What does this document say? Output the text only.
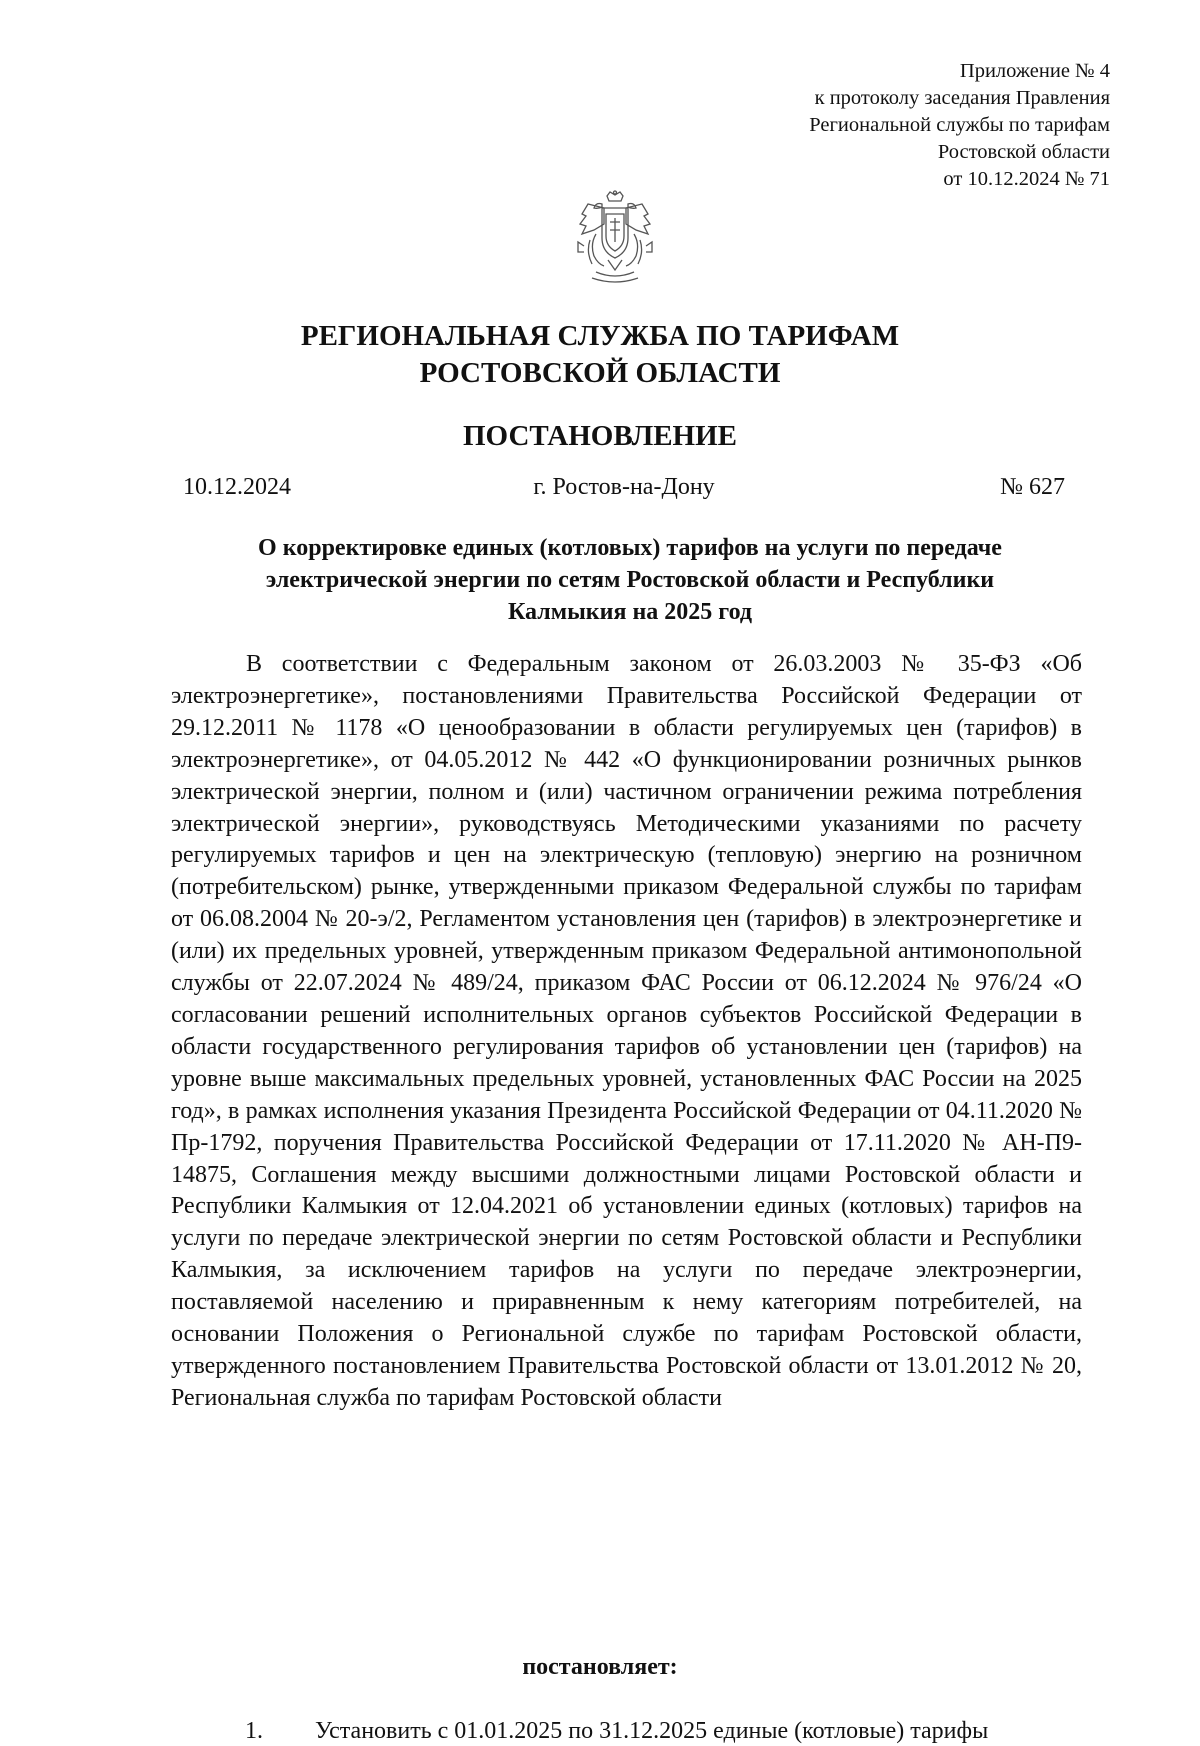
Приложение № 4
к протоколу заседания Правления
Региональной службы по тарифам
Ростовской области
от 10.12.2024 № 71
РЕГИОНАЛЬНАЯ СЛУЖБА ПО ТАРИФАМ
РОСТОВСКОЙ ОБЛАСТИ
ПОСТАНОВЛЕНИЕ
10.12.2024	г. Ростов-на-Дону	№ 627
О корректировке единых (котловых) тарифов на услуги по передаче
электрической энергии по сетям Ростовской области и Республики
Калмыкия на 2025 год

В соответствии с Федеральным законом от 26.03.2003 № 35-ФЗ «Об электроэнергетике», постановлениями Правительства Российской Федерации от 29.12.2011 № 1178 «О ценообразовании в области регулируемых цен (тарифов) в электроэнергетике», от 04.05.2012 № 442 «О функционировании розничных рынков электрической энергии, полном и (или) частичном ограничении режима потребления электрической энергии», руководствуясь Методическими указаниями по расчету регулируемых тарифов и цен на электрическую (тепловую) энергию на розничном (потребительском) рынке, утвержденными приказом Федеральной службы по тарифам от 06.08.2004 № 20-э/2, Регламентом установления цен (тарифов) в электроэнергетике и (или) их предельных уровней, утвержденным приказом Федеральной антимонопольной службы от 22.07.2024 № 489/24, приказом ФАС России от 06.12.2024 № 976/24 «О согласовании решений исполнительных органов субъектов Российской Федерации в области государственного регулирования тарифов об установлении цен (тарифов) на уровне выше максимальных предельных уровней, установленных ФАС России на 2025 год», в рамках исполнения указания Президента Российской Федерации от 04.11.2020 № Пр-1792, поручения Правительства Российской Федерации от 17.11.2020 № АН-П9-14875, Соглашения между высшими должностными лицами Ростовской области и Республики Калмыкия от 12.04.2021 об установлении единых (котловых) тарифов на услуги по передаче электрической энергии по сетям Ростовской области и Республики Калмыкия, за исключением тарифов на услуги по передаче электроэнергии, поставляемой населению и приравненным к нему категориям потребителей, на основании Положения о Региональной службе по тарифам Ростовской области, утвержденного постановлением Правительства Ростовской области от 13.01.2012 № 20, Региональная служба по тарифам Ростовской области

постановляет:
1. Установить с 01.01.2025 по 31.12.2025 единые (котловые) тарифы
